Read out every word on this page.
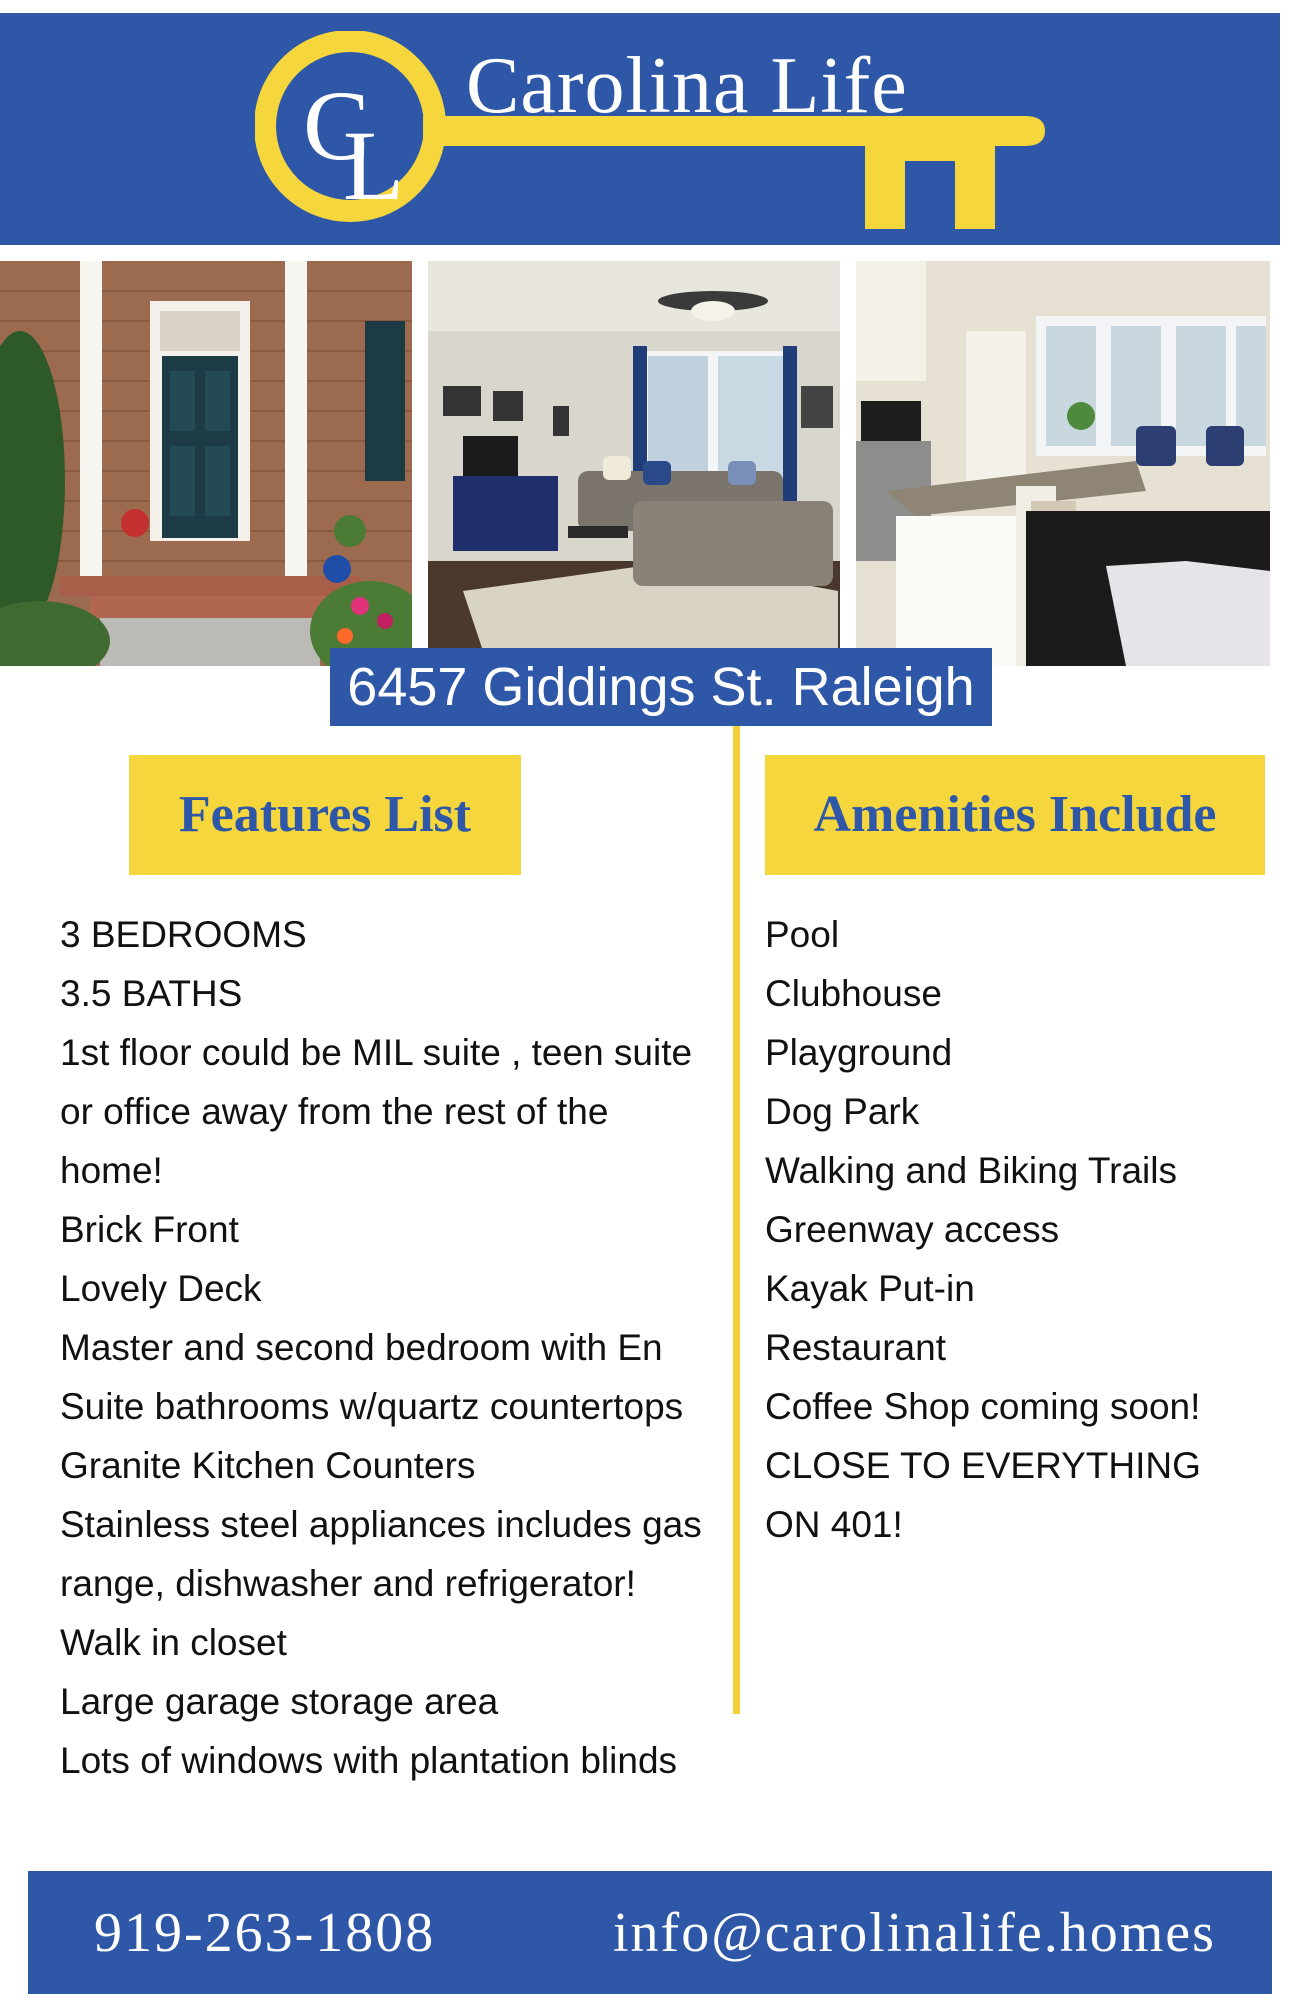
C
L
Carolina Life
NC Life Style and Real Estate
6457 Giddings St. Raleigh
Features List	Amenities Include
3 BEDROOMS
3.5 BATHS
1st floor could be MIL suite , teen suite
or office away from the rest of the
home!
Brick Front
Lovely Deck
Master and second bedroom with En
Suite bathrooms w/quartz countertops
Granite Kitchen Counters
Stainless steel appliances includes gas
range, dishwasher and refrigerator!
Walk in closet
Large garage storage area
Lots of windows with plantation blinds
Pool
Clubhouse
Playground
Dog Park
Walking and Biking Trails
Greenway access
Kayak Put-in
Restaurant
Coffee Shop coming soon!
CLOSE TO EVERYTHING
ON 401!
919-263-1808	info@carolinalife.homes
